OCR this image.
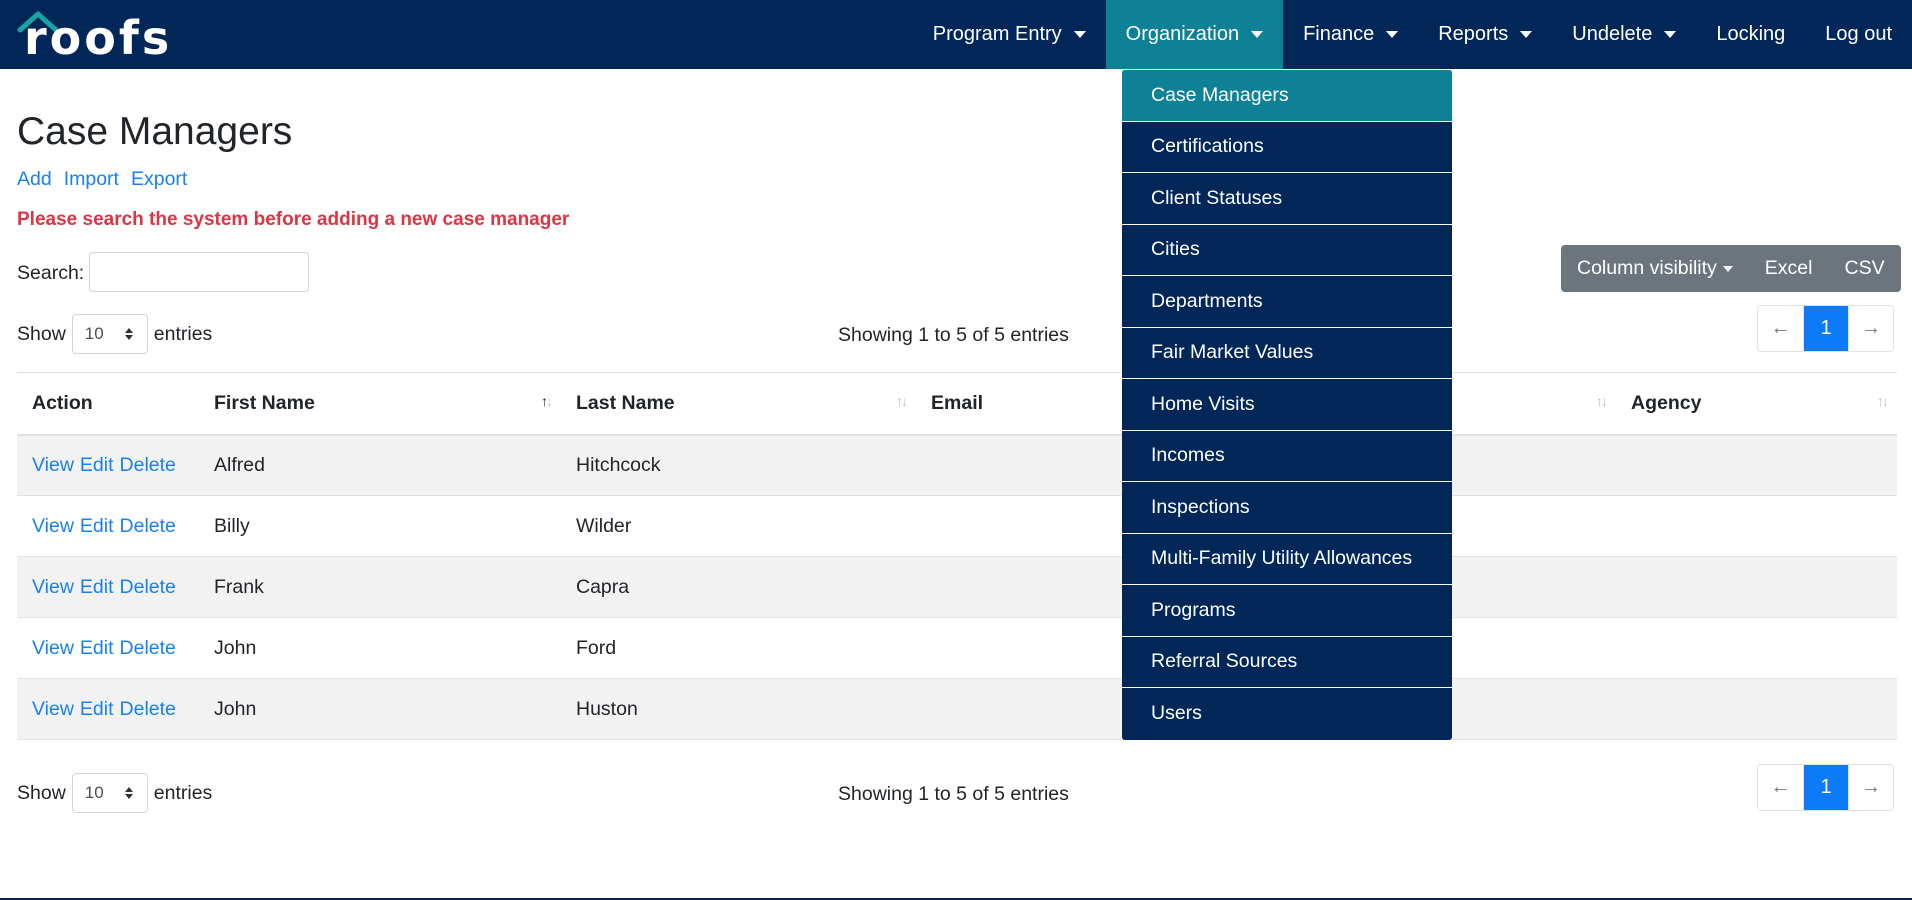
roofs	Program Entry	Organization	Finance	Reports	Undelete	Locking Log out
Case Managers
Certifications
Client Statuses
Cities
Departments
Fair Market Values
Home Visits
Incomes
Inspections
Multi-Family Utility Allowances
Programs
Referral Sources
Users
Case Managers
Add Import Export
Please search the system before adding a new case manager
Search:	Column visibility	Excel	CSV
Show 10	entries	Showing 1 to 5 of 5 entries	←	1	→
Action	First Name ↑↓	Last Name ↑↓	Email ↑↓	Agency ↑↓

View Edit Delete	Alfred	Hitchcock		

View Edit Delete	Billy	Wilder		

View Edit Delete	Frank	Capra		

View Edit Delete	John	Ford		

View Edit Delete	John	Huston		
Show 10	entries	Showing 1 to 5 of 5 entries	←	1	→
